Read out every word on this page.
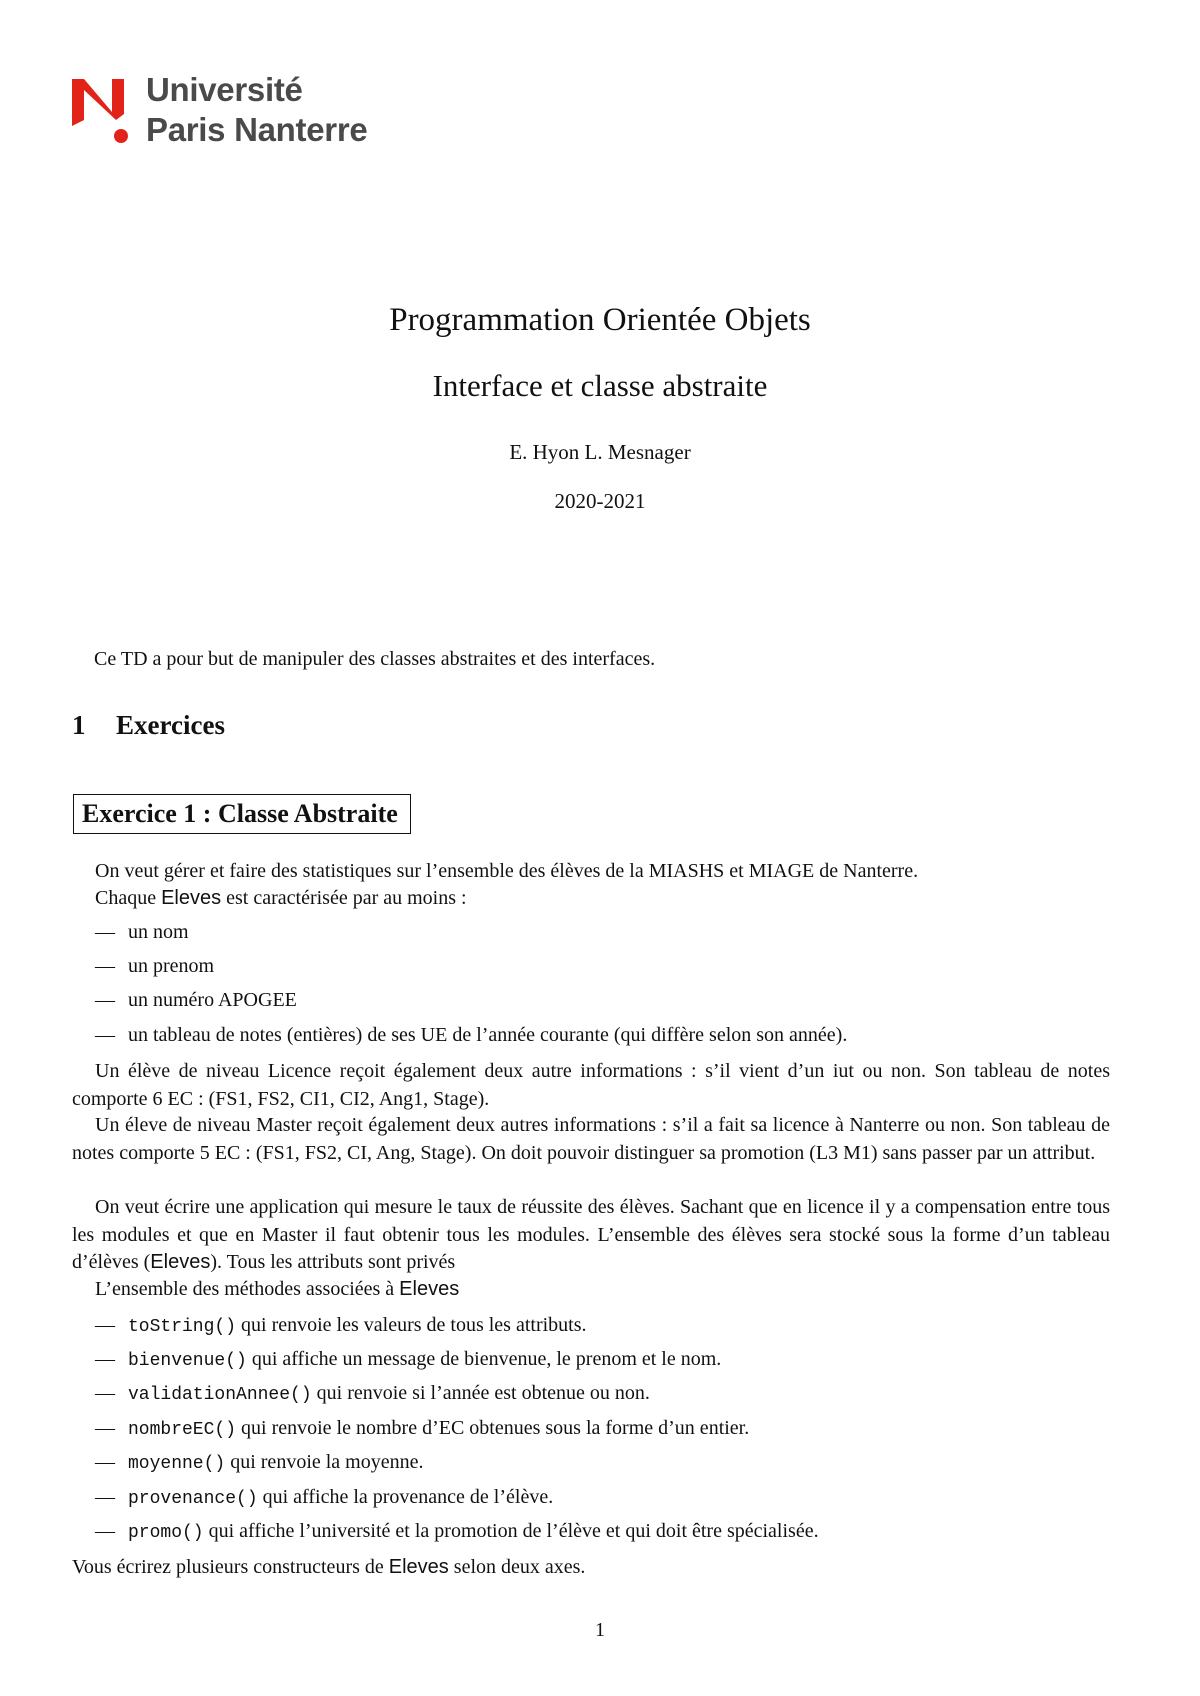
Université
Paris Nanterre
Programmation Orientée Objets
Interface et classe abstraite
E. Hyon L. Mesnager
2020-2021
Ce TD a pour but de manipuler des classes abstraites et des interfaces.
1 Exercices
Exercice 1 : Classe Abstraite
On veut gérer et faire des statistiques sur l’ensemble des élèves de la MIASHS et MIAGE de Nanterre.
Chaque Eleves est caractérisée par au moins :
— un nom
— un prenom
— un numéro APOGEE
— un tableau de notes (entières) de ses UE de l’année courante (qui diffère selon son année).
Un élève de niveau Licence reçoit également deux autre informations : s’il vient d’un iut ou non. Son tableau de notes comporte 6 EC : (FS1, FS2, CI1, CI2, Ang1, Stage).
Un éleve de niveau Master reçoit également deux autres informations : s’il a fait sa licence à Nanterre ou non. Son tableau de notes comporte 5 EC : (FS1, FS2, CI, Ang, Stage). On doit pouvoir distinguer sa promotion (L3 M1) sans passer par un attribut.
On veut écrire une application qui mesure le taux de réussite des élèves. Sachant que en licence il y a compensation entre tous les modules et que en Master il faut obtenir tous les modules. L’ensemble des élèves sera stocké sous la forme d’un tableau d’élèves (Eleves). Tous les attributs sont privés
L’ensemble des méthodes associées à Eleves
— toString() qui renvoie les valeurs de tous les attributs.
— bienvenue() qui affiche un message de bienvenue, le prenom et le nom.
— validationAnnee() qui renvoie si l’année est obtenue ou non.
— nombreEC() qui renvoie le nombre d’EC obtenues sous la forme d’un entier.
— moyenne() qui renvoie la moyenne.
— provenance() qui affiche la provenance de l’élève.
— promo() qui affiche l’université et la promotion de l’élève et qui doit être spécialisée.
Vous écrirez plusieurs constructeurs de Eleves selon deux axes.
1
